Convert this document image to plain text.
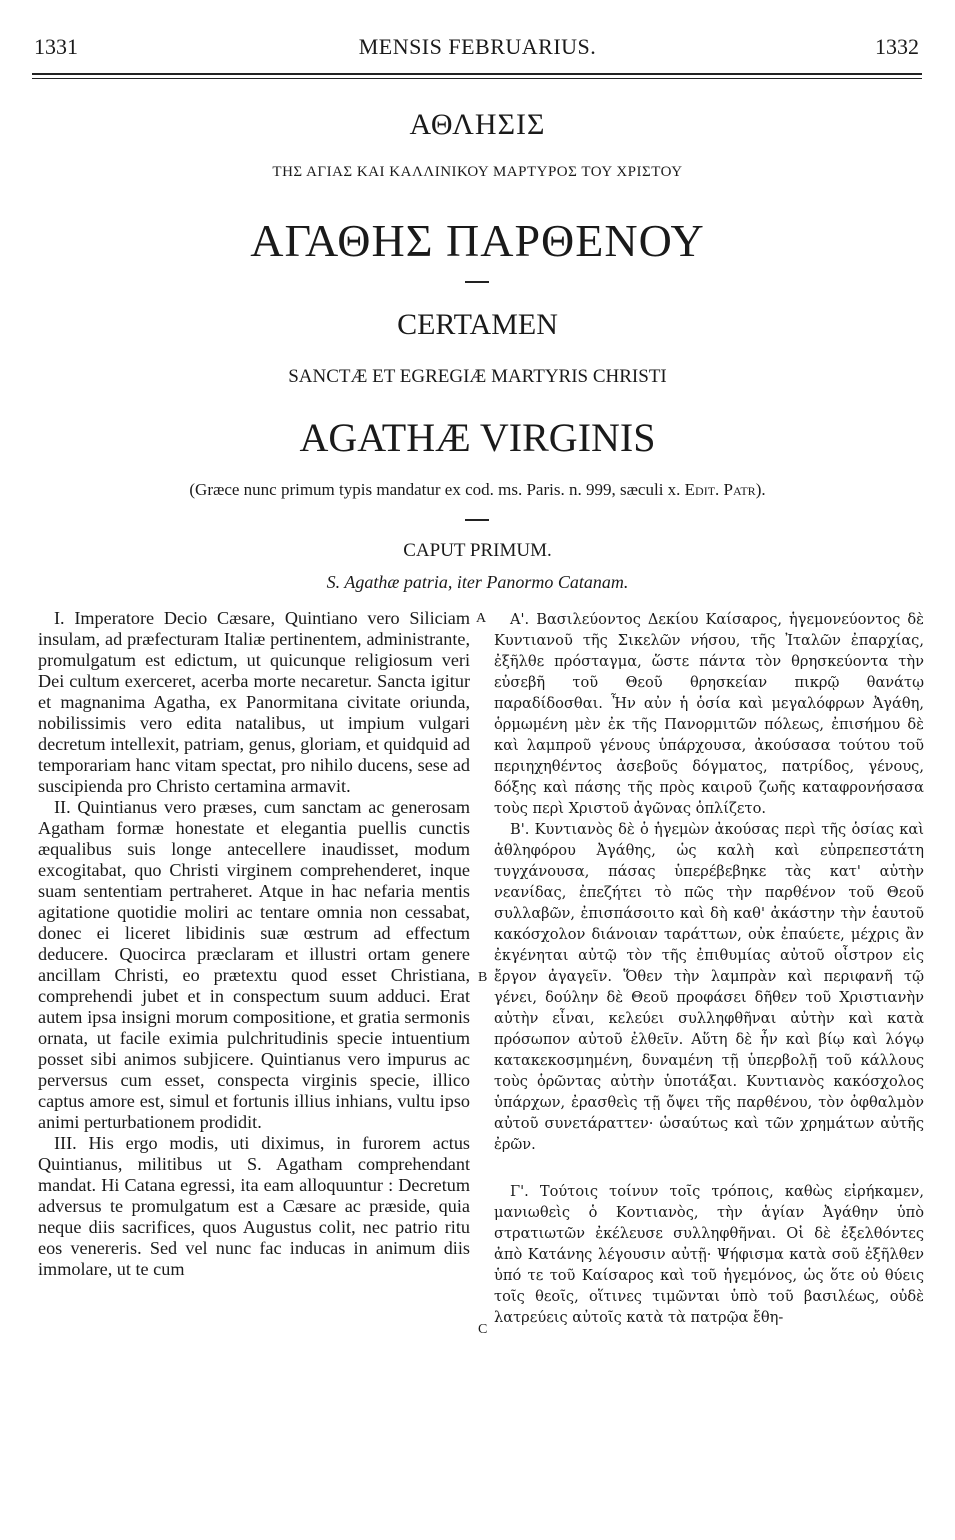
1331	MENSIS FEBRUARIUS.	1332
ΑΘΛΗΣΙΣ
ΤΗΣ ΑΓΙΑΣ ΚΑΙ ΚΑΛΛΙΝΙΚΟΥ ΜΑΡΤΥΡΟΣ ΤΟΥ ΧΡΙΣΤΟΥ
ΑΓΑΘΗΣ ΠΑΡΘΕΝΟΥ
CERTAMEN
SANCTÆ ET EGREGIÆ MARTYRIS CHRISTI
AGATHÆ VIRGINIS
(Græce nunc primum typis mandatur ex cod. ms. Paris. n. 999, sæculi x. Edit. Patr).
CAPUT PRIMUM.
S. Agathæ patria, iter Panormo Catanam.
A
B
C

I. Imperatore Decio Cæsare, Quintiano vero Siliciam insulam, ad præfecturam Italiæ pertinentem, administrante, promulgatum est edictum, ut quicunque religiosum veri Dei cultum exerceret, acerba morte necaretur. Sancta igitur et magnanima Agatha, ex Panormitana civitate oriunda, nobilissimis vero edita natalibus, ut impium vulgari decretum intellexit, patriam, genus, gloriam, et quidquid ad temporariam hanc vitam spectat, pro nihilo ducens, sese ad suscipienda pro Christo certamina armavit.

II. Quintianus vero præses, cum sanctam ac generosam Agatham formæ honestate et elegantia puellis cunctis æqualibus suis longe antecellere inaudisset, modum excogitabat, quo Christi virginem comprehenderet, inque suam sententiam pertraheret. Atque in hac nefaria mentis agitatione quotidie moliri ac tentare omnia non cessabat, donec ei liceret libidinis suæ œstrum ad effectum deducere. Quocirca præclaram et illustri ortam genere ancillam Christi, eo prætextu quod esset Christiana, comprehendi jubet et in conspectum suum adduci. Erat autem ipsa insigni morum compositione, et gratia sermonis ornata, ut facile eximia pulchritudinis specie intuentium posset sibi animos subjicere. Quintianus vero impurus ac perversus cum esset, conspecta virginis specie, illico captus amore est, simul et fortunis illius inhians, vultu ipso animi perturbationem prodidit.

III. His ergo modis, uti diximus, in furorem actus Quintianus, militibus ut S. Agatham comprehendant mandat. Hi Catana egressi, ita eam alloquuntur : Decretum adversus te promulgatum est a Cæsare ac præside, quia neque diis sacrifices, quos Augustus colit, nec patrio ritu eos venereris. Sed vel nunc fac inducas in animum diis immolare, ut te cum

Α'. Βασιλεύοντος Δεκίου Καίσαρος, ἡγεμονεύοντος δὲ Κυντιανοῦ τῆς Σικελῶν νήσου, τῆς Ἰταλῶν ἐπαρχίας, ἐξῆλθε πρόσταγμα, ὥστε πάντα τὸν θρησκεύοντα τὴν εὐσεβῆ τοῦ Θεοῦ θρησκείαν πικρῷ θανάτῳ παραδίδοσθαι. Ἦν αὐν ἡ ὁσία καὶ μεγαλόφρων Ἀγάθη, ὁρμωμένη μὲν ἐκ τῆς Πανορμιτῶν πόλεως, ἐπισήμου δὲ καὶ λαμπροῦ γένους ὑπάρχουσα, ἀκούσασα τούτου τοῦ περιηχηθέντος ἀσεβοῦς δόγματος, πατρίδος, γένους, δόξης καὶ πάσης τῆς πρὸς καιροῦ ζωῆς καταφρονήσασα τοὺς περὶ Χριστοῦ ἀγῶνας ὁπλίζετο.

Β'. Κυντιανὸς δὲ ὁ ἡγεμὼν ἀκούσας περὶ τῆς ὁσίας καὶ ἀθληφόρου Ἀγάθης, ὡς καλὴ καὶ εὐπρεπεστάτη τυγχάνουσα, πάσας ὑπερέβεβηκε τὰς κατ' αὐτὴν νεανίδας, ἐπεζήτει τὸ πῶς τὴν παρθένον τοῦ Θεοῦ συλλαβῶν, ἐπισπάσοιτο καὶ δὴ καθ' ἀκάστην τὴν ἑαυτοῦ κακόσχολον διάνοιαν ταράττων, οὐκ ἐπαύετε, μέχρις ἂν ἐκγένηται αὐτῷ τὸν τῆς ἐπιθυμίας αὐτοῦ οἶστρον εἰς ἔργον ἀγαγεῖν. Ὅθεν τὴν λαμπρὰν καὶ περιφανῆ τῷ γένει, δούλην δὲ Θεοῦ προφάσει δῆθεν τοῦ Χριστιανὴν αὐτὴν εἶναι, κελεύει συλληφθῆναι αὐτὴν καὶ κατὰ πρόσωπον αὐτοῦ ἐλθεῖν. Αὕτη δὲ ἦν καὶ βίῳ καὶ λόγῳ κατακεκοσμημένη, δυναμένη τῇ ὑπερβολῇ τοῦ κάλλους τοὺς ὁρῶντας αὐτὴν ὑποτάξαι. Κυντιανὸς κακόσχολος ὑπάρχων, ἐρασθεὶς τῇ ὄψει τῆς παρθένου, τὸν ὀφθαλμὸν αὐτοῦ συνετάραττεν· ὡσαύτως καὶ τῶν χρημάτων αὐτῆς ἐρῶν.

Γ'. Τούτοις τοίνυν τοῖς τρόποις, καθὼς εἰρήκαμεν, μανιωθεὶς ὁ Κοντιανὸς, τὴν ἁγίαν Ἀγάθην ὑπὸ στρατιωτῶν ἐκέλευσε συλληφθῆναι. Οἱ δὲ ἐξελθόντες ἀπὸ Κατάνης λέγουσιν αὐτῇ· Ψήφισμα κατὰ σοῦ ἐξῆλθεν ὑπό τε τοῦ Καίσαρος καὶ τοῦ ἡγεμόνος, ὡς ὅτε οὐ θύεις τοῖς θεοῖς, οἵτινες τιμῶνται ὑπὸ τοῦ βασιλέως, οὐδὲ λατρεύεις αὐτοῖς κατὰ τὰ πατρῷα ἔθη-
